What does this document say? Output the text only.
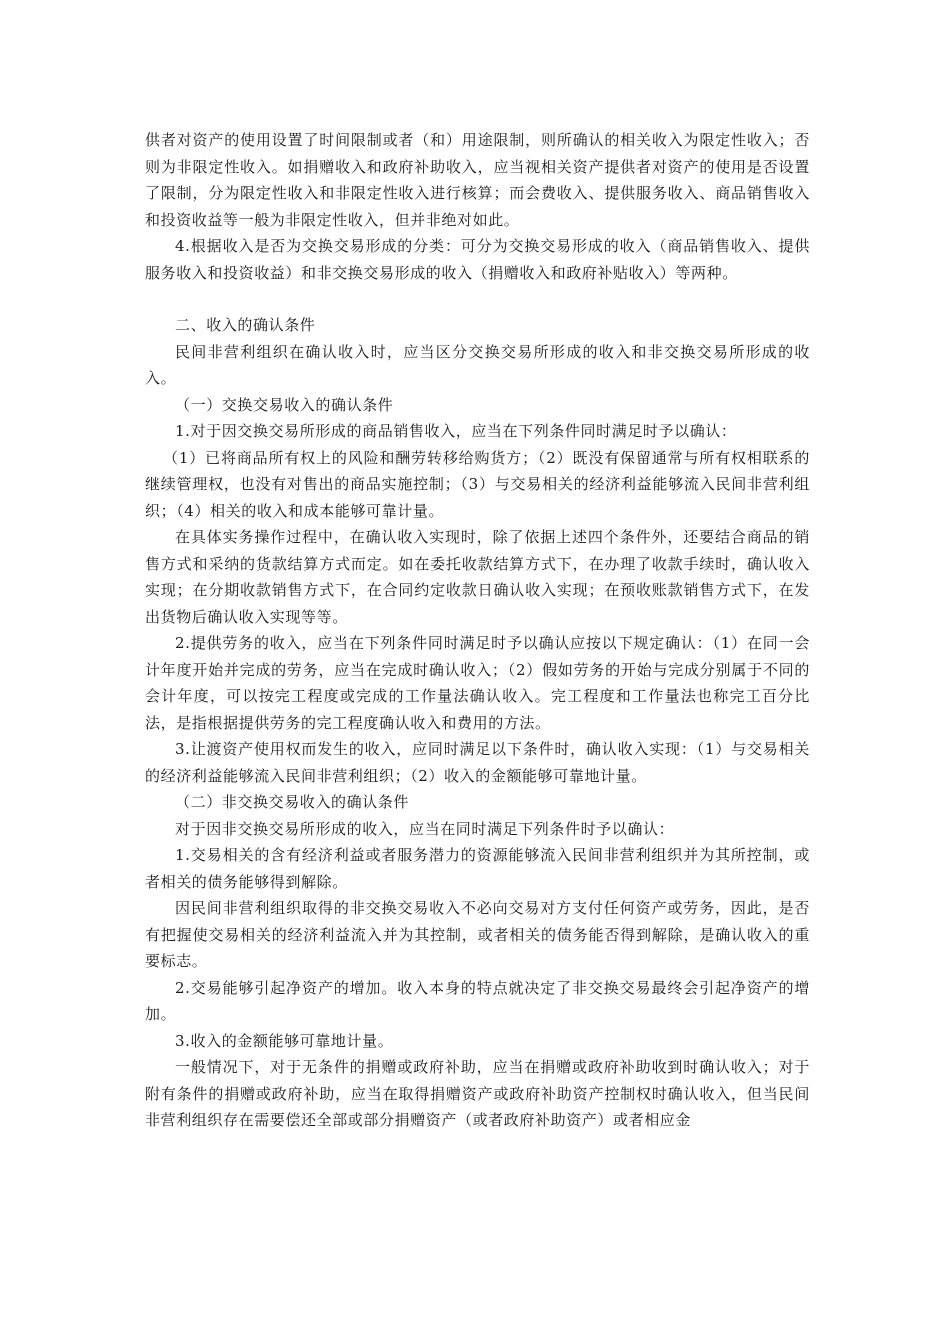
供者对资产的使用设置了时间限制或者（和）用途限制，则所确认的相关收入为限定性收入；否则为非限定性收入。如捐赠收入和政府补助收入，应当视相关资产提供者对资产的使用是否设置了限制，分为限定性收入和非限定性收入进行核算；而会费收入、提供服务收入、商品销售收入和投资收益等一般为非限定性收入，但并非绝对如此。

4.根据收入是否为交换交易形成的分类：可分为交换交易形成的收入（商品销售收入、提供服务收入和投资收益）和非交换交易形成的收入（捐赠收入和政府补贴收入）等两种。

二、收入的确认条件

民间非营利组织在确认收入时，应当区分交换交易所形成的收入和非交换交易所形成的收入。

（一）交换交易收入的确认条件

1.对于因交换交易所形成的商品销售收入，应当在下列条件同时满足时予以确认：

（1）已将商品所有权上的风险和酬劳转移给购货方；（2）既没有保留通常与所有权相联系的继续管理权，也没有对售出的商品实施控制；（3）与交易相关的经济利益能够流入民间非营利组织；（4）相关的收入和成本能够可靠计量。

在具体实务操作过程中，在确认收入实现时，除了依据上述四个条件外，还要结合商品的销售方式和采纳的货款结算方式而定。如在委托收款结算方式下，在办理了收款手续时，确认收入实现；在分期收款销售方式下，在合同约定收款日确认收入实现；在预收账款销售方式下，在发出货物后确认收入实现等等。

2.提供劳务的收入，应当在下列条件同时满足时予以确认应按以下规定确认：（1）在同一会计年度开始并完成的劳务，应当在完成时确认收入；（2）假如劳务的开始与完成分别属于不同的会计年度，可以按完工程度或完成的工作量法确认收入。完工程度和工作量法也称完工百分比法，是指根据提供劳务的完工程度确认收入和费用的方法。

3.让渡资产使用权而发生的收入，应同时满足以下条件时，确认收入实现：（1）与交易相关的经济利益能够流入民间非营利组织；（2）收入的金额能够可靠地计量。

（二）非交换交易收入的确认条件

对于因非交换交易所形成的收入，应当在同时满足下列条件时予以确认：

1.交易相关的含有经济利益或者服务潜力的资源能够流入民间非营利组织并为其所控制，或者相关的债务能够得到解除。

因民间非营利组织取得的非交换交易收入不必向交易对方支付任何资产或劳务，因此，是否有把握使交易相关的经济利益流入并为其控制，或者相关的债务能否得到解除，是确认收入的重要标志。

2.交易能够引起净资产的增加。收入本身的特点就决定了非交换交易最终会引起净资产的增加。

3.收入的金额能够可靠地计量。

一般情况下，对于无条件的捐赠或政府补助，应当在捐赠或政府补助收到时确认收入；对于附有条件的捐赠或政府补助，应当在取得捐赠资产或政府补助资产控制权时确认收入，但当民间非营利组织存在需要偿还全部或部分捐赠资产（或者政府补助资产）或者相应金
